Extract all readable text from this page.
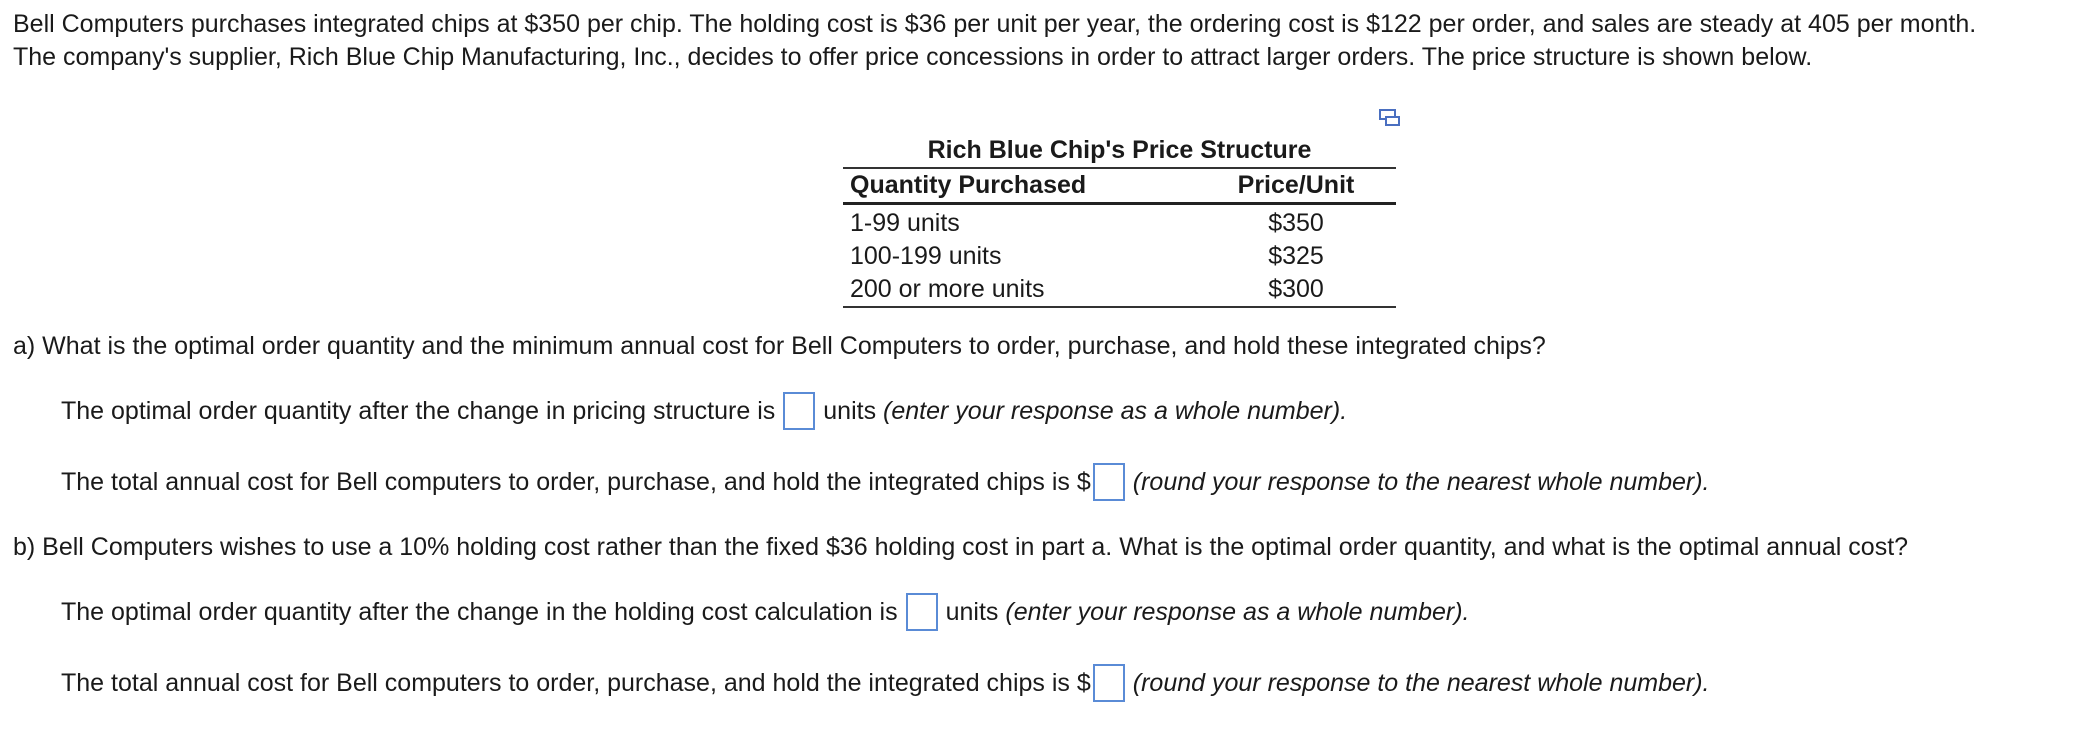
Bell Computers purchases integrated chips at $350 per chip. The holding cost is $36 per unit per year, the ordering cost is $122 per order, and sales are steady at 405 per month.

The company's supplier, Rich Blue Chip Manufacturing, Inc., decides to offer price concessions in order to attract larger orders. The price structure is shown below.

Rich Blue Chip's Price Structure
Quantity Purchased	Price/Unit
1-99 units	$350
100-199 units	$325
200 or more units	$300

a) What is the optimal order quantity and the minimum annual cost for Bell Computers to order, purchase, and hold these integrated chips?

The optimal order quantity after the change in pricing structure is units
(enter your response as a whole number).
The total annual cost for Bell computers to order, purchase, and hold the integrated chips is $ (round your response to the nearest whole number).

b) Bell Computers wishes to use a 10% holding cost rather than the fixed $36 holding cost in part a. What is the optimal order quantity, and what is the optimal annual cost?

The optimal order quantity after the change in the holding cost calculation is units
(enter your response as a whole number).
The total annual cost for Bell computers to order, purchase, and hold the integrated chips is $ (round your response to the nearest whole number).
